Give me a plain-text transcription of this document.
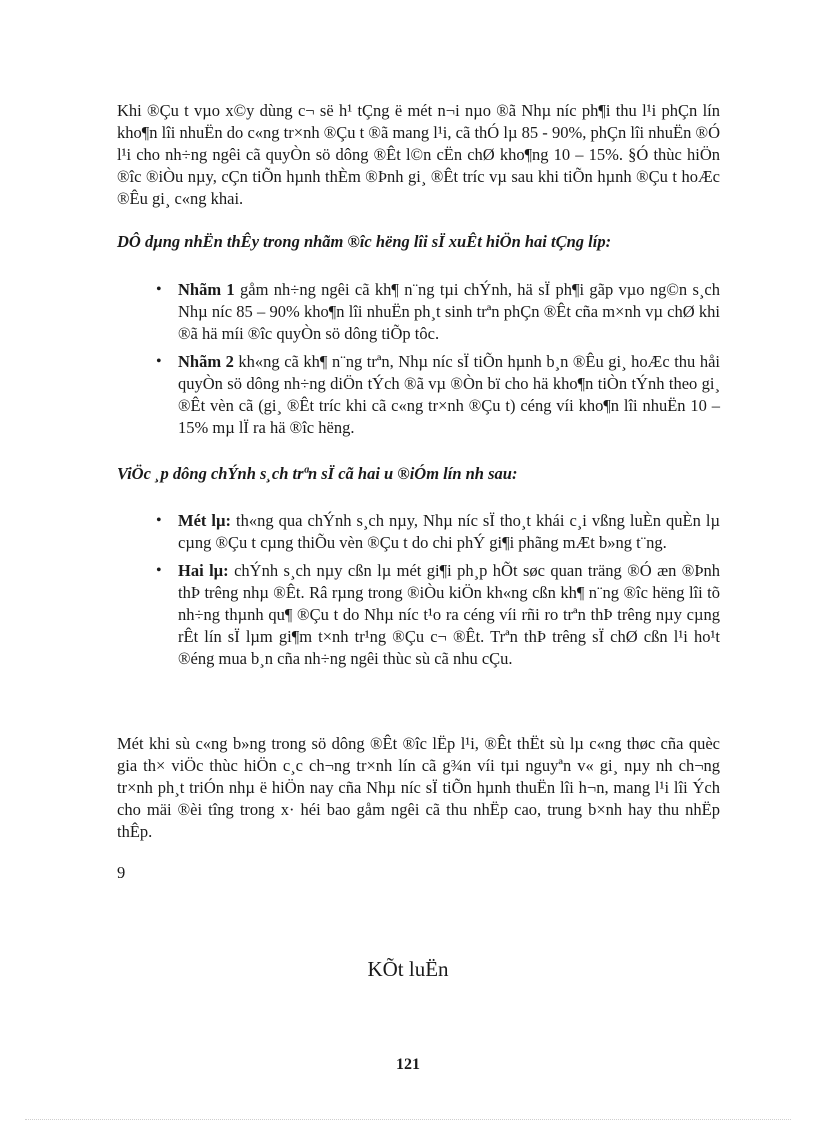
Khi ®Çu t vµo x©y dùng c¬ së h¹ tÇng ë mét n¬i nµo ®ã Nhµ níc ph¶i thu l¹i phÇn lín kho¶n lîi nhuËn do c«ng tr×nh ®Çu t ®ã mang l¹i, cã thÓ lµ 85 - 90%, phÇn lîi nhuËn ®Ó l¹i cho nh÷ng ngêi cã quyÒn sö dông ®Êt l©n cËn chØ kho¶ng 10 – 15%. §Ó thùc hiÖn ®îc ®iÒu nµy, cÇn tiÕn hµnh thÈm ®Þnh gi¸ ®Êt tríc vµ sau khi tiÕn hµnh ®Çu t hoÆc ®Êu gi¸ c«ng khai.

DÔ dµng nhËn thÊy trong nhãm ®îc hëng lîi sÏ xuÊt hiÖn hai tÇng líp:

• Nhãm 1 gåm nh÷ng ngêi cã kh¶ n¨ng tµi chÝnh, hä sÏ ph¶i gãp vµo ng©n s¸ch Nhµ níc 85 – 90% kho¶n lîi nhuËn ph¸t sinh trªn phÇn ®Êt cña m×nh vµ chØ khi ®ã hä míi ®îc quyÒn sö dông tiÕp tôc.
• Nhãm 2 kh«ng cã kh¶ n¨ng trªn, Nhµ níc sÏ tiÕn hµnh b¸n ®Êu gi¸ hoÆc thu håi quyÒn sö dông nh÷ng diÖn tÝch ®ã vµ ®Òn bï cho hä kho¶n tiÒn tÝnh theo gi¸ ®Êt vèn cã (gi¸ ®Êt tríc khi cã c«ng tr×nh ®Çu t) céng víi kho¶n lîi nhuËn 10 – 15% mµ lÏ ra hä ®îc hëng.

ViÖc ¸p dông chÝnh s¸ch trªn sÏ cã hai u ®iÓm lín nh sau:

• Mét lµ: th«ng qua chÝnh s¸ch nµy, Nhµ níc sÏ tho¸t khái c¸i vßng luÈn quÈn lµ cµng ®Çu t cµng thiÕu vèn ®Çu t do chi phÝ gi¶i phãng mÆt b»ng t¨ng.
• Hai lµ: chÝnh s¸ch nµy cßn lµ mét gi¶i ph¸p hÕt søc quan träng ®Ó æn ®Þnh thÞ trêng nhµ ®Êt. Râ rµng trong ®iÒu kiÖn kh«ng cßn kh¶ n¨ng ®îc hëng lîi tõ nh÷ng thµnh qu¶ ®Çu t do Nhµ níc t¹o ra céng víi rñi ro trªn thÞ trêng nµy cµng rÊt lín sÏ lµm gi¶m t×nh tr¹ng ®Çu c¬ ®Êt. Trªn thÞ trêng sÏ chØ cßn l¹i ho¹t ®éng mua b¸n cña nh÷ng ngêi thùc sù cã nhu cÇu.

Mét khi sù c«ng b»ng trong sö dông ®Êt ®îc lËp l¹i, ®Êt thËt sù lµ c«ng thøc cña quèc gia th× viÖc thùc hiÖn c¸c ch¬ng tr×nh lín cã g¾n víi tµi nguyªn v« gi¸ nµy nh ch¬ng tr×nh ph¸t triÓn nhµ ë hiÖn nay cña Nhµ níc sÏ tiÕn hµnh thuËn lîi h¬n, mang l¹i lîi Ých cho mäi ®èi tîng trong x· héi bao gåm ngêi cã thu nhËp cao, trung b×nh hay thu nhËp thÊp.

9
KÕt luËn
121
